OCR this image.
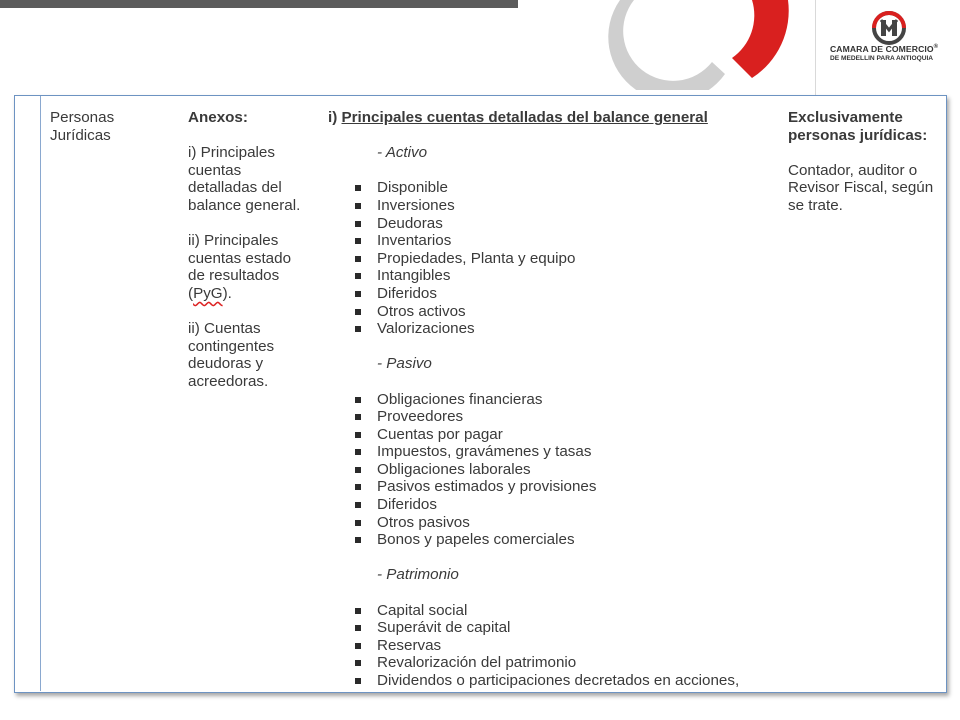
CAMARA DE COMERCIO®
DE MEDELLIN PARA ANTIOQUIA
Personas
Jurídicas
Anexos:
i) Principales
cuentas
detalladas del
balance general.
ii) Principales
cuentas estado
de resultados
(PyG).
ii) Cuentas
contingentes
deudoras y
acreedoras.
i) Principales cuentas detalladas del balance general
- Activo
Disponible
Inversiones
Deudoras
Inventarios
Propiedades, Planta y equipo
Intangibles
Diferidos
Otros activos
Valorizaciones
- Pasivo
Obligaciones financieras
Proveedores
Cuentas por pagar
Impuestos, gravámenes y tasas
Obligaciones laborales
Pasivos estimados y provisiones
Diferidos
Otros pasivos
Bonos y papeles comerciales
- Patrimonio
Capital social
Superávit de capital
Reservas
Revalorización del patrimonio
Dividendos o participaciones decretados en acciones,
Exclusivamente
personas jurídicas:
Contador, auditor o
Revisor Fiscal, según
se trate.
